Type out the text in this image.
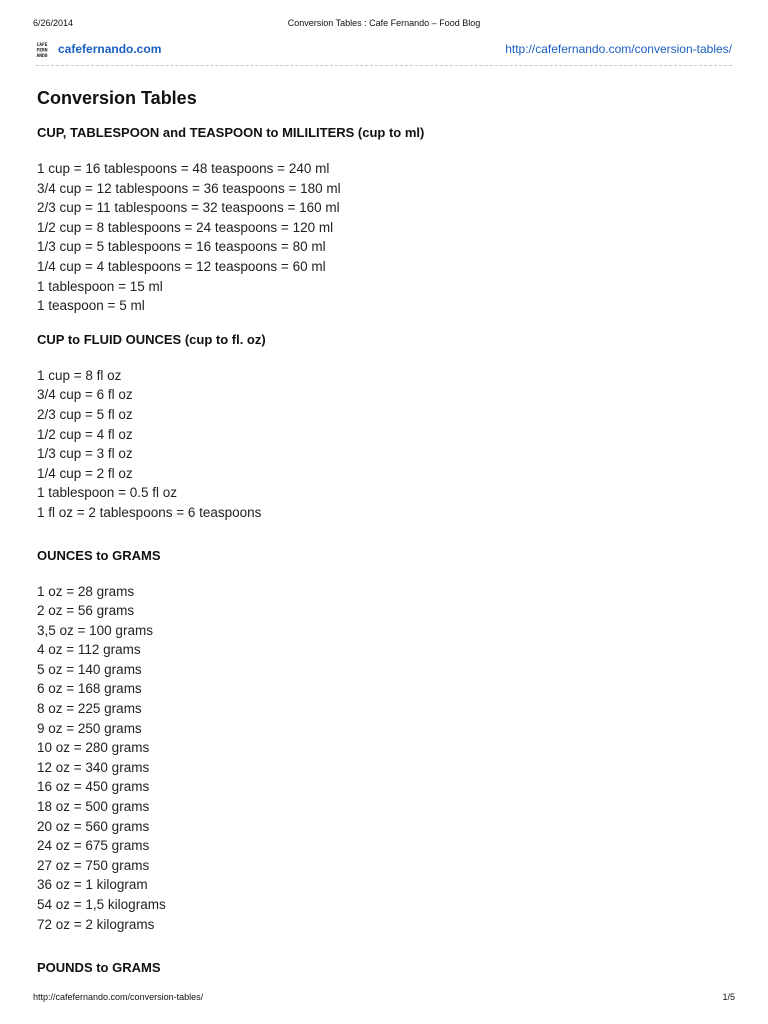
6/26/2014	Conversion Tables : Cafe Fernando – Food Blog
CAFE
FERN
ANDO
cafefernando.com	http://cafefernando.com/conversion-tables/
Conversion Tables
CUP, TABLESPOON and TEASPOON to MILILITERS (cup to ml)
1 cup = 16 tablespoons = 48 teaspoons = 240 ml
3/4 cup = 12 tablespoons = 36 teaspoons = 180 ml
2/3 cup = 11 tablespoons = 32 teaspoons = 160 ml
1/2 cup = 8 tablespoons = 24 teaspoons = 120 ml
1/3 cup = 5 tablespoons = 16 teaspoons = 80 ml
1/4 cup = 4 tablespoons = 12 teaspoons = 60 ml
1 tablespoon = 15 ml
1 teaspoon = 5 ml
CUP to FLUID OUNCES (cup to fl. oz)
1 cup = 8 fl oz
3/4 cup = 6 fl oz
2/3 cup = 5 fl oz
1/2 cup = 4 fl oz
1/3 cup = 3 fl oz
1/4 cup = 2 fl oz
1 tablespoon = 0.5 fl oz
1 fl oz = 2 tablespoons = 6 teaspoons
OUNCES to GRAMS
1 oz = 28 grams
2 oz = 56 grams
3,5 oz = 100 grams
4 oz = 112 grams
5 oz = 140 grams
6 oz = 168 grams
8 oz = 225 grams
9 oz = 250 grams
10 oz = 280 grams
12 oz = 340 grams
16 oz = 450 grams
18 oz = 500 grams
20 oz = 560 grams
24 oz = 675 grams
27 oz = 750 grams
36 oz = 1 kilogram
54 oz = 1,5 kilograms
72 oz = 2 kilograms
POUNDS to GRAMS
http://cafefernando.com/conversion-tables/	1/5
